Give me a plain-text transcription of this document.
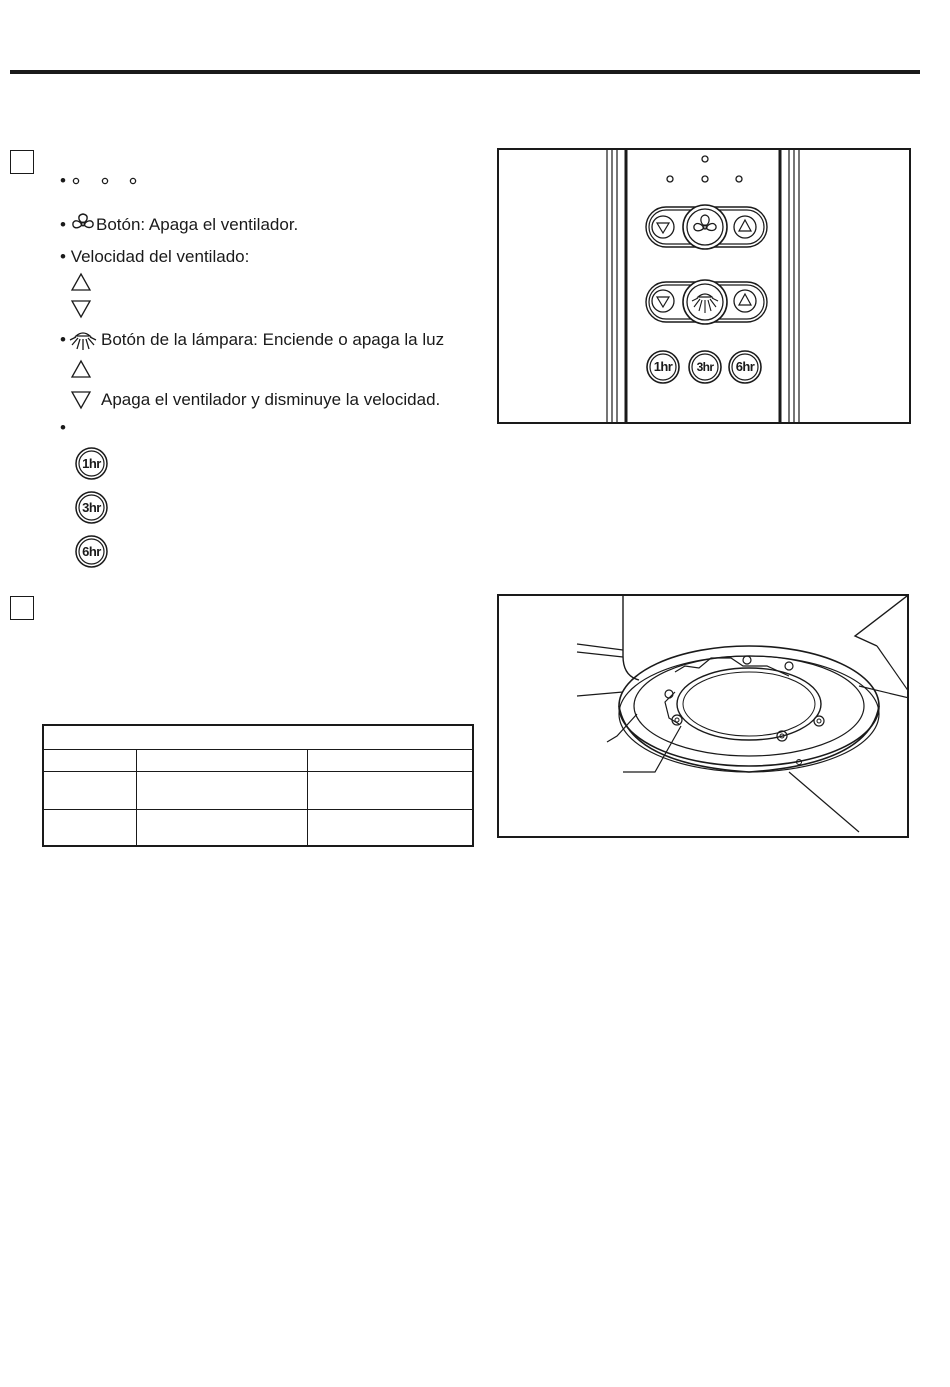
•
• Botón: Apaga el ventilador.
• Velocidad del ventilado:
• Botón de la lámpara: Enciende o apaga la luz
Apaga el ventilador y disminuye la velocidad.
•
1hr
3hr
6hr
1hr	3hr	6hr
